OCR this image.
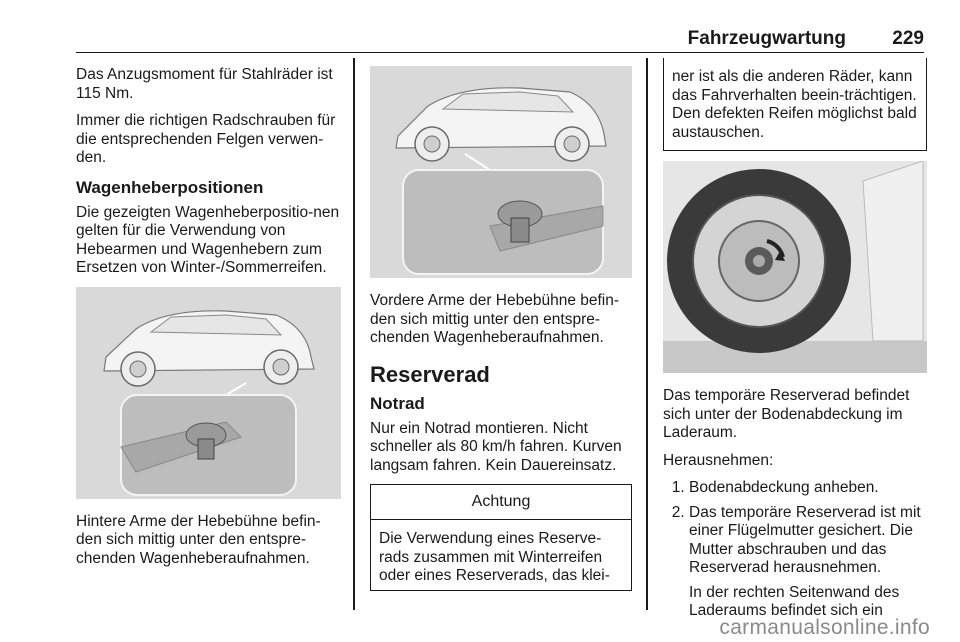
Fahrzeugwartung 229

Das Anzugsmoment für Stahlräder ist 115 Nm.

Immer die richtigen Radschrauben für die entsprechenden Felgen verwen-den.

Wagenheberpositionen

Die gezeigten Wagenheberpositio-nen gelten für die Verwendung von Hebearmen und Wagenhebern zum Ersetzen von Winter-/Sommerreifen.

Hintere Arme der Hebebühne befin-den sich mittig unter den entspre-chenden Wagenheberaufnahmen.

Vordere Arme der Hebebühne befin-den sich mittig unter den entspre-chenden Wagenheberaufnahmen.

Reserverad
Notrad

Nur ein Notrad montieren. Nicht schneller als 80 km/h fahren. Kurven langsam fahren. Kein Dauereinsatz.

Achtung

Die Verwendung eines Reserve-rads zusammen mit Winterreifen oder eines Reserverads, das klei-

ner ist als die anderen Räder, kann das Fahrverhalten beein-trächtigen. Den defekten Reifen möglichst bald austauschen.

Das temporäre Reserverad befindet sich unter der Bodenabdeckung im Laderaum.

Herausnehmen:

1. Bodenabdeckung anheben.
2. Das temporäre Reserverad ist mit einer Flügelmutter gesichert. Die Mutter abschrauben und das Reserverad herausnehmen.

In der rechten Seitenwand des Laderaums befindet sich ein

carmanualsonline.info
